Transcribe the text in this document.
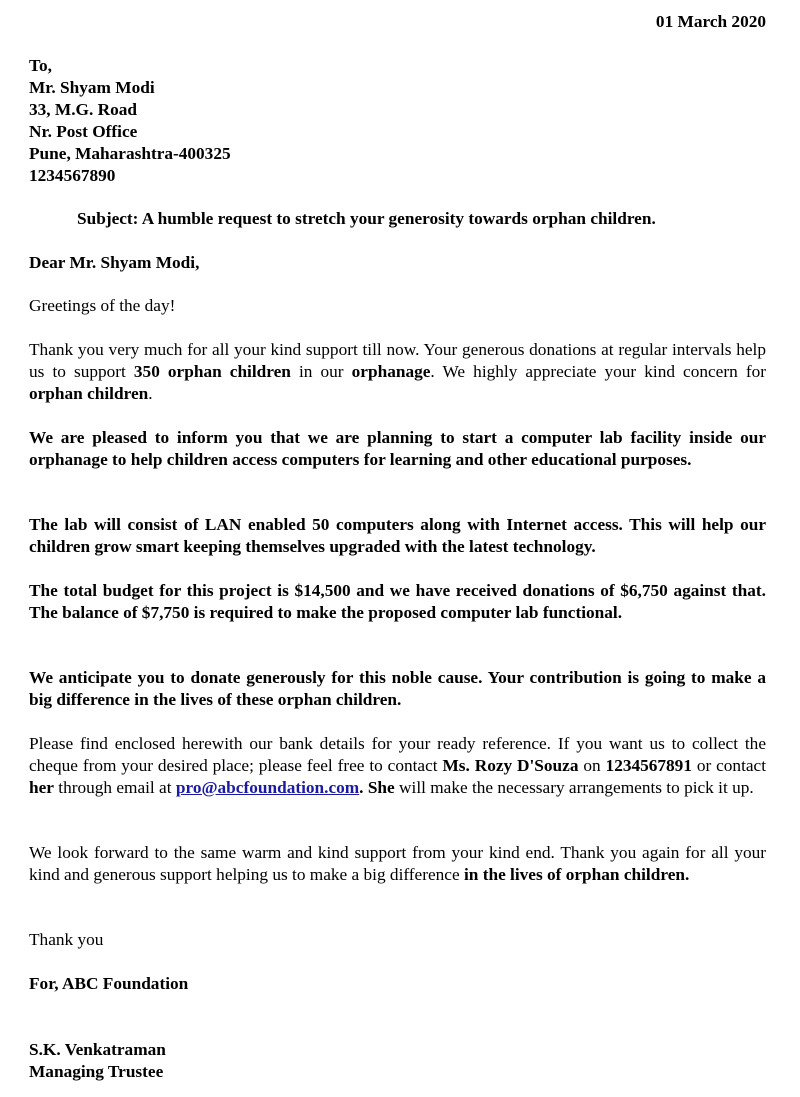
01 March 2020
To,
Mr. Shyam Modi
33, M.G. Road
Nr. Post Office
Pune, Maharashtra-400325
1234567890
Subject: A humble request to stretch your generosity towards orphan children.
Dear Mr. Shyam Modi,
Greetings of the day!
Thank you very much for all your kind support till now. Your generous donations at regular intervals help us to support 350 orphan children in our orphanage. We highly appreciate your kind concern for orphan children.
We are pleased to inform you that we are planning to start a computer lab facility inside our orphanage to help children access computers for learning and other educational purposes.
The lab will consist of LAN enabled 50 computers along with Internet access. This will help our children grow smart keeping themselves upgraded with the latest technology.
The total budget for this project is $14,500 and we have received donations of $6,750 against that. The balance of $7,750 is required to make the proposed computer lab functional.
We anticipate you to donate generously for this noble cause. Your contribution is going to make a big difference in the lives of these orphan children.
Please find enclosed herewith our bank details for your ready reference. If you want us to collect the cheque from your desired place; please feel free to contact Ms. Rozy D'Souza on 1234567891 or contact her through email at pro@abcfoundation.com. She will make the necessary arrangements to pick it up.
We look forward to the same warm and kind support from your kind end. Thank you again for all your kind and generous support helping us to make a big difference in the lives of orphan children.
Thank you
For, ABC Foundation
S.K. Venkatraman
Managing Trustee
